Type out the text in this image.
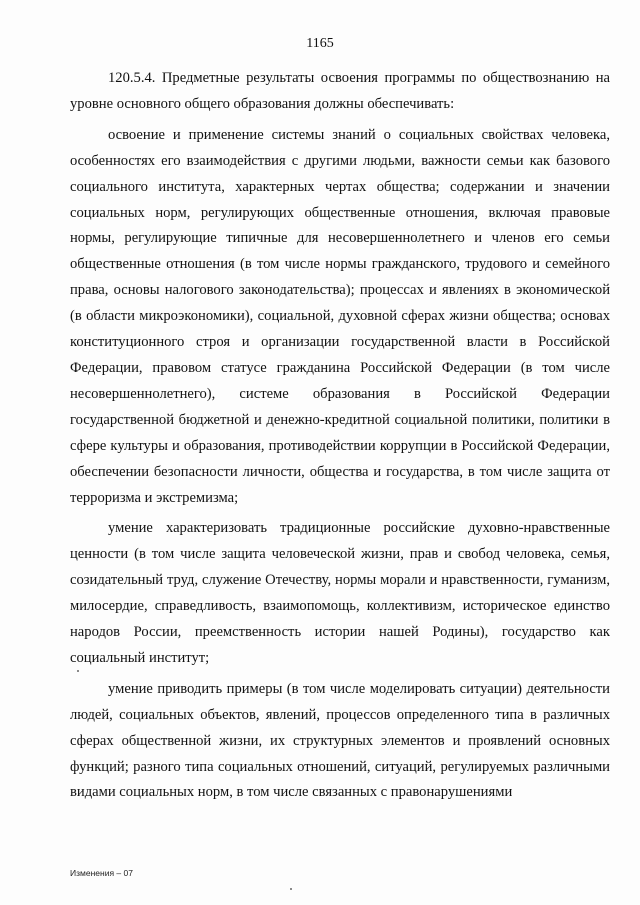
1165

120.5.4. Предметные результаты освоения программы по обществознанию на уровне основного общего образования должны обеспечивать:

освоение и применение системы знаний о социальных свойствах человека, особенностях его взаимодействия с другими людьми, важности семьи как базового социального института, характерных чертах общества; содержании и значении социальных норм, регулирующих общественные отношения, включая правовые нормы, регулирующие типичные для несовершеннолетнего и членов его семьи общественные отношения (в том числе нормы гражданского, трудового и семейного права, основы налогового законодательства); процессах и явлениях в экономической (в области микроэкономики), социальной, духовной сферах жизни общества; основах конституционного строя и организации государственной власти в Российской Федерации, правовом статусе гражданина Российской Федерации (в том числе несовершеннолетнего), системе образования в Российской Федерации государственной бюджетной и денежно-кредитной социальной политики, политики в сфере культуры и образования, противодействии коррупции в Российской Федерации, обеспечении безопасности личности, общества и государства, в том числе защита от терроризма и экстремизма;

умение характеризовать традиционные российские духовно-нравственные ценности (в том числе защита человеческой жизни, прав и свобод человека, семья, созидательный труд, служение Отечеству, нормы морали и нравственности, гуманизм, милосердие, справедливость, взаимопомощь, коллективизм, историческое единство народов России, преемственность истории нашей Родины), государство как социальный институт;

умение приводить примеры (в том числе моделировать ситуации) деятельности людей, социальных объектов, явлений, процессов определенного типа в различных сферах общественной жизни, их структурных элементов и проявлений основных функций; разного типа социальных отношений, ситуаций, регулируемых различными видами социальных норм, в том числе связанных с правонарушениями

Изменения – 07
